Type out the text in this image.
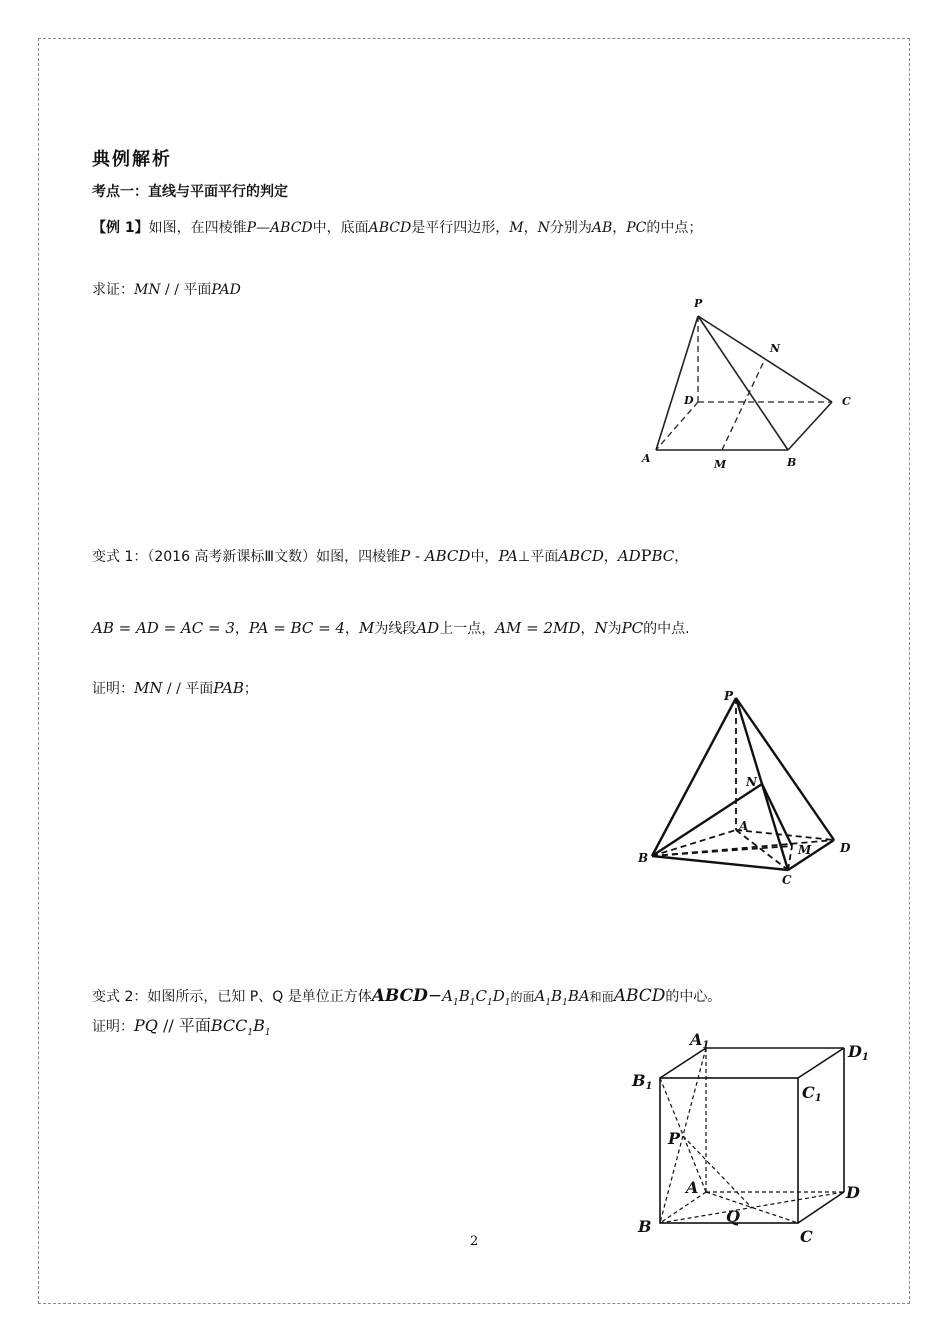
典例解析
考点一：直线与平面平行的判定
【例 1】如图，在四棱锥P—ABCD中，底面ABCD是平行四边形，M，N分别为AB，PC的中点；
求证：MN / / 平面PAD
P
N
D	C
A	M	B
变式 1：（2016 高考新课标Ⅲ文数）如图，四棱锥P - ABCD中，PA⊥平面ABCD，ADPBC，
AB = AD = AC = 3，PA = BC = 4，M为线段AD上一点，AM = 2MD，N为PC的中点.
证明：MN / / 平面PAB；	P
N
A
M D
B
C
变式 2：如图所示，已知 P、Q 是单位正方体$ABCD-A_1B_1C_1D_1$的面$A_1B_1BA$和面ABCD的中心。
证明：PQ // 平面$BCC_1B_1$	A1	D1
B1	C1
P
A	D
Q
B
C
2
